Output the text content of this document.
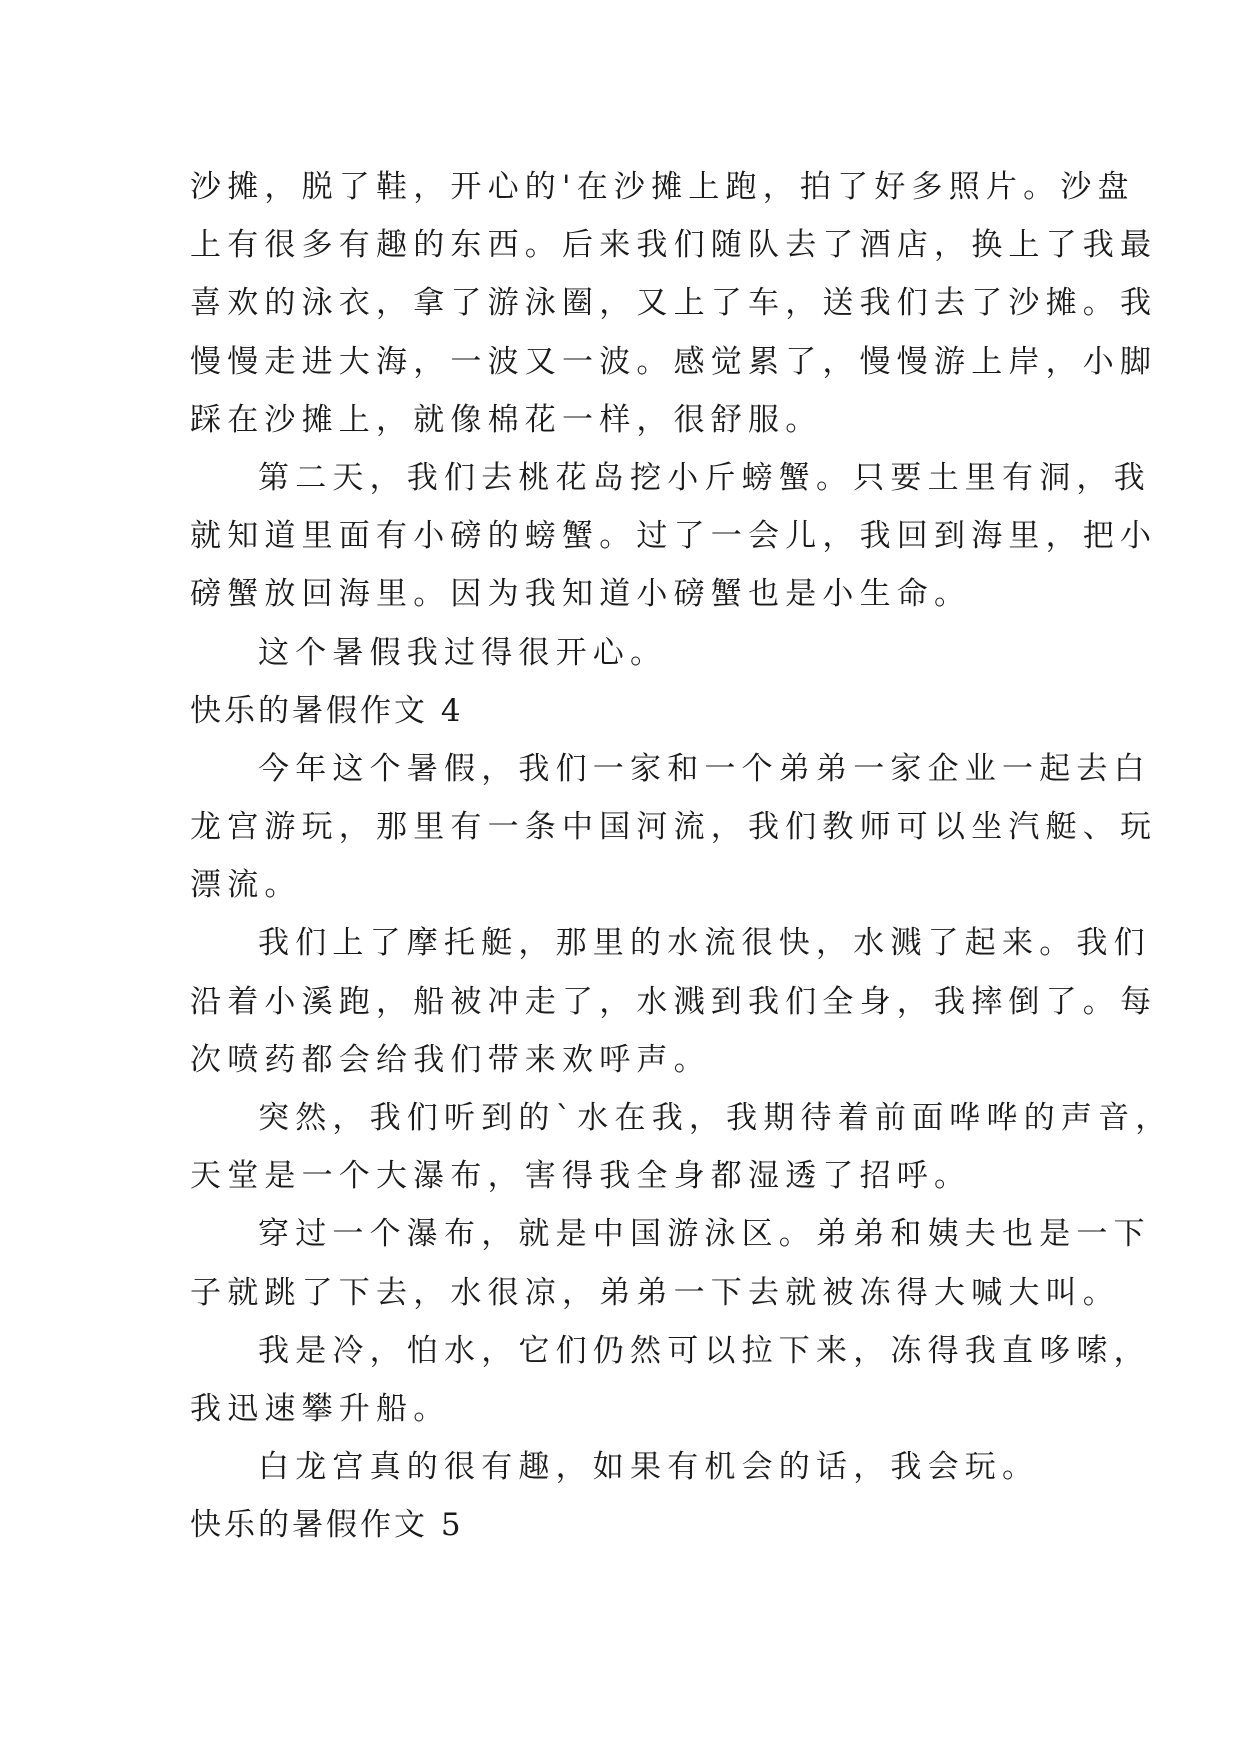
沙摊，脱了鞋，开心的'在沙摊上跑，拍了好多照片。沙盘
上有很多有趣的东西。后来我们随队去了酒店，换上了我最
喜欢的泳衣，拿了游泳圈，又上了车，送我们去了沙摊。我
慢慢走进大海，一波又一波。感觉累了，慢慢游上岸，小脚
踩在沙摊上，就像棉花一样，很舒服。
第二天，我们去桃花岛挖小斤螃蟹。只要土里有洞，我
就知道里面有小磅的螃蟹。过了一会儿，我回到海里，把小
磅蟹放回海里。因为我知道小磅蟹也是小生命。
这个暑假我过得很开心。
快乐的暑假作文 4
今年这个暑假，我们一家和一个弟弟一家企业一起去白
龙宫游玩，那里有一条中国河流，我们教师可以坐汽艇、玩
漂流。
我们上了摩托艇，那里的水流很快，水溅了起来。我们
沿着小溪跑，船被冲走了，水溅到我们全身，我摔倒了。每
次喷药都会给我们带来欢呼声。
突然，我们听到的`水在我，我期待着前面哗哗的声音，
天堂是一个大瀑布，害得我全身都湿透了招呼。
穿过一个瀑布，就是中国游泳区。弟弟和姨夫也是一下
子就跳了下去，水很凉，弟弟一下去就被冻得大喊大叫。
我是冷，怕水，它们仍然可以拉下来，冻得我直哆嗦，
我迅速攀升船。
白龙宫真的很有趣，如果有机会的话，我会玩。
快乐的暑假作文 5
